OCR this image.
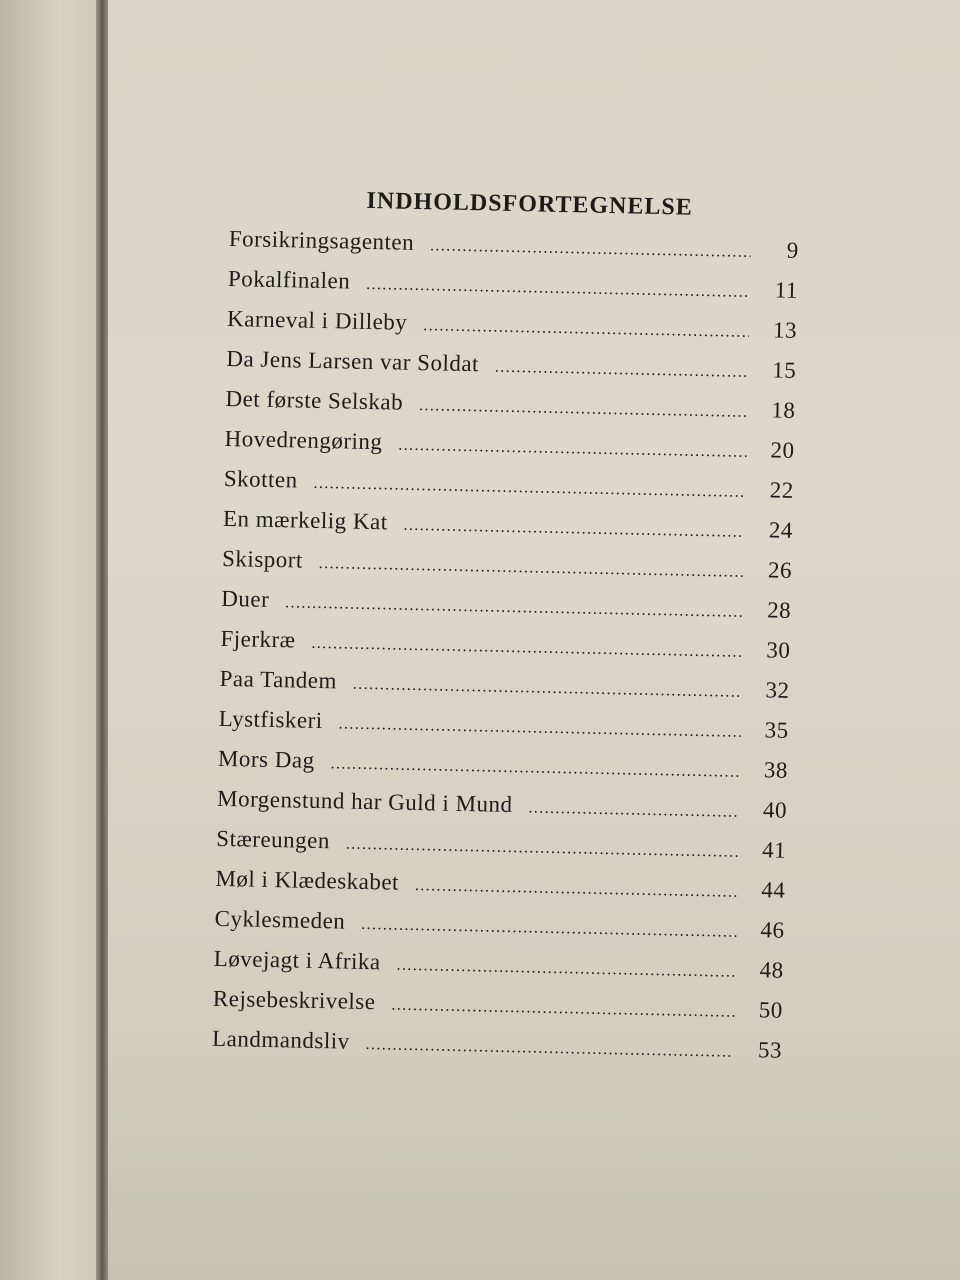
INDHOLDSFORTEGNELSE
Forsikringsagenten .....	9
Pokalfinalen .....	11
Karneval i Dilleby .....	13
Da Jens Larsen var Soldat .....	15
Det første Selskab .....	18
Hovedrengøring .....	20
Skotten .....	22
En mærkelig Kat .....	24
Skisport .....	26
Duer .....	28
Fjerkræ .....	30
Paa Tandem .....	32
Lystfiskeri .....	35
Mors Dag .....	38
Morgenstund har Guld i Mund .....	40
Stæreungen .....	41
Møl i Klædeskabet .....	44
Cyklesmeden .....	46
Løvejagt i Afrika .....	48
Rejsebeskrivelse .....	50
Landmandsliv .....	53
